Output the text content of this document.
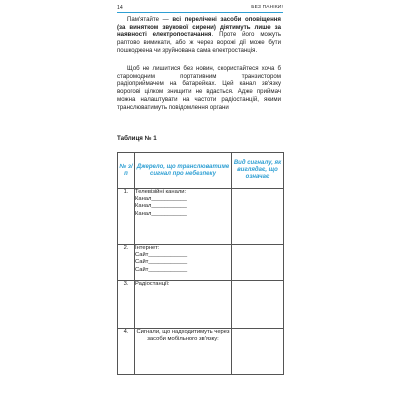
14	БЕЗ ПАНІКИ!

Пам'ятайте — всі перелічені засоби оповіщення (за винятком звукової сирени) діятимуть лише за наявності електропостачання. Проте його можуть раптово вимикати, або ж через ворожі дії може бути пошкоджена чи зруйнована сама електростанція.

Щоб не лишитися без новин, скористайтеся хоча б старомодним портативним транзистором радіоприймачем на батарейках. Цей канал зв'язку ворогові цілком знищити не вдасться. Адже приймач можна налаштувати на частоти радіостанцій, якими транслюватимуть повідомлення органи

Таблиця № 1
№ з/п	Джерело, що транслюватиме сигнал про небезпеку	Вид сигналу, як виглядає, що означає
1.	Телевізійні канали:
Канал___________
Канал___________
Канал___________	

2.	Інтернет:
Сайт____________
Сайт____________
Сайт____________	

3.	Радіостанції:	

4.	Сигнали, що надходитимуть через засоби мобільного зв'язку:	
